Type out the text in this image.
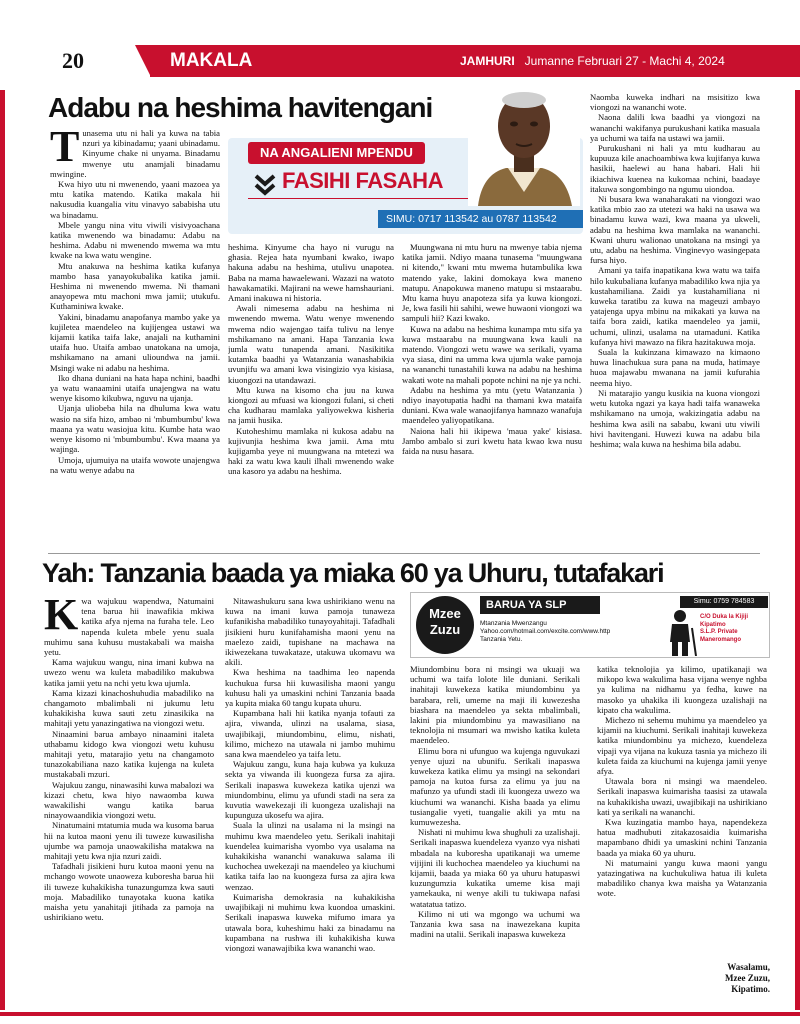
20	MAKALA	JAMHURI Jumanne Februari 27 - Machi 4, 2024
Adabu na heshima havitengani
T unasema utu ni hali ya kuwa na tabia nzuri ya kibinadamu; yaani ubinadamu. Kinyume chake ni unyama. Binadamu mwenye utu anamjali binadamu mwingine.

Kwa hiyo utu ni mwenendo, yaani mazoea ya mtu katika matendo. Katika makala hii nakusudia kuangalia vitu vinavyo sababisha utu wa binadamu.

Mbele yangu nina vitu viwili visivyoachana katika mwenendo wa binadamu: Adabu na heshima. Adabu ni mwenendo mwema wa mtu kwake na kwa watu wengine.

Mtu anakuwa na heshima katika kufanya mambo hasa yanayokubalika katika jamii. Heshima ni mwenendo mwema. Ni thamani anayopewa mtu machoni mwa jamii; utukufu. Kuthaminiwa kwake.

Yakini, binadamu anapofanya mambo yake ya kujiletea maendeleo na kujijengea ustawi wa kijamii katika taifa lake, anajali na kuthamini utaifa huo. Utaifa ambao unatokana na umoja, mshikamano na amani ulioundwa na jamii. Msingi wake ni adabu na heshima.

Iko dhana duniani na hata hapa nchini, baadhi ya watu wanaamini utaifa unajengwa na watu wenye kisomo kikubwa, nguvu na ujanja.

Ujanja uliobeba hila na dhuluma kwa watu wasio na sifa hizo, ambao ni 'mbumbumbu' kwa maana ya watu wasiojua kitu. Kumbe hata wao wenye kisomo ni 'mbumbumbu'. Kwa maana ya wajinga.

Umoja, ujumuiya na utaifa wowote unajengwa na watu wenye adabu na

NA ANGALIENI MPENDU
FASIHI FASAHA
SIMU: 0717 113542 au 0787 113542

heshima. Kinyume cha hayo ni vurugu na ghasia. Rejea hata nyumbani kwako, iwapo hakuna adabu na heshima, utulivu unapotea. Baba na mama hawaelewani. Wazazi na watoto hawakamatiki. Majirani na wewe hamshauriani. Amani inakuwa ni historia.

Awali nimesema adabu na heshima ni mwenendo mwema. Watu wenye mwenendo mwema ndio wajengao taifa tulivu na lenye mshikamano na amani. Hapa Tanzania kwa jumla watu tunapenda amani. Nasikitika kutamka baadhi ya Watanzania wanashabikia uvunjifu wa amani kwa visingizio vya kisiasa, kiuongozi na utandawazi.

Mtu kuwa na kisomo cha juu na kuwa kiongozi au mfuasi wa kiongozi fulani, si cheti cha kudharau mamlaka yaliyowekwa kisheria na jamii husika.

Kutoheshimu mamlaka ni kukosa adabu na kujivunjia heshima kwa jamii. Ama mtu kujigamba yeye ni muungwana na mtetezi wa haki za watu kwa kauli ilhali mwenendo wake una kasoro ya adabu na heshima.

Muungwana ni mtu huru na mwenye tabia njema katika jamii. Ndiyo maana tunasema "muungwana ni kitendo," kwani mtu mwema hutambulika kwa matendo yake, lakini domokaya kwa maneno matupu. Anapokuwa maneno matupu si mstaarabu. Mtu kama huyu anapoteza sifa ya kuwa kiongozi. Je, kwa fasili hii sahihi, wewe huwaoni viongozi wa sampuli hii? Kazi kwako.

Kuwa na adabu na heshima kunampa mtu sifa ya kuwa mstaarabu na muungwana kwa kauli na matendo. Viongozi wetu wawe wa serikali, vyama vya siasa, dini na umma kwa ujumla wake pamoja na wananchi tunastahili kuwa na adabu na heshima wakati wote na mahali popote nchini na nje ya nchi.

Adabu na heshima ya mtu (yetu Watanzania ) ndiyo inayotupatia hadhi na thamani kwa mataifa duniani. Kwa wale wanaojifanya hamnazo wanafuja maendeleo yaliyopatikana.

Naiona hali hii ikipewa 'maua yake' kisiasa. Jambo ambalo si zuri kwetu hata kwao kwa nusu faida na nusu hasara.

Naomba kuweka indhari na msisitizo kwa viongozi na wananchi wote.

Naona dalili kwa baadhi ya viongozi na wananchi wakifanya purukushani katika masuala ya uchumi wa taifa na ustawi wa jamii.

Purukushani ni hali ya mtu kudharau au kupuuza kile anachoambiwa kwa kujifanya kuwa hasikii, haelewi au hana habari. Hali hii ikiachiwa kuenea na kukomaa nchini, baadaye itakuwa songombingo na ngumu uiondoa.

Ni busara kwa wanaharakati na viongozi wao katika mbio zao za utetezi wa haki na usawa wa binadamu kuwa wazi, kwa maana ya ukweli, adabu na heshima kwa mamlaka na wananchi. Kwani uhuru walionao unatokana na msingi ya utu, adabu na heshima. Vinginevyo wasingepata fursa hiyo.

Amani ya taifa inapatikana kwa watu wa taifa hilo kukubaliana kufanya mabadiliko kwa njia ya kustahamiliana. Zaidi ya kustahamiliana ni kuweka taratibu za kuwa na mageuzi ambayo yatajenga upya mbinu na mikakati ya kuwa na taifa bora zaidi, katika maendeleo ya jamii, uchumi, ulinzi, usalama na utamaduni. Katika kufanya hivi mawazo na fikra hazitakuwa moja.

Suala la kukinzana kimawazo na kimaono huwa linachukua sura pana na muda, hatimaye huoa majawabu mwanana na jamii kufurahia neema hiyo.

Ni matarajio yangu kusikia na kuona viongozi wetu kutoka ngazi ya kaya hadi taifa wanaweka mshikamano na umoja, wakizingatia adabu na heshima kwa asili na sababu, kwani utu viwili hivi havitengani. Huwezi kuwa na adabu bila heshima; wala kuwa na heshima bila adabu.

Yah: Tanzania baada ya miaka 60 ya Uhuru, tutafakari
K wa wajukuu wapendwa, Natumaini tena barua hii inawafikia mkiwa katika afya njema na furaha tele. Leo napenda kuleta mbele yenu suala muhimu sana kuhusu mustakabali wa maisha yetu.

Kama wajukuu wangu, nina imani kubwa na uwezo wenu wa kuleta mabadiliko makubwa katika jamii yetu na nchi yetu kwa ujumla.

Kama kizazi kinachoshuhudia mabadiliko na changamoto mbalimbali ni jukumu letu kuhakikisha kuwa sauti zetu zinasikika na mahitaji yetu yanazingatiwa na viongozi wetu.

Ninaamini barua ambayo ninaamini italeta uthabamu kidogo kwa viongozi wetu kuhusu mahitaji yetu, matarajio yetu na changamoto tunazokabiliana nazo katika kujenga na kuleta mustakabali mzuri.

Wajukuu zangu, ninawasihi kuwa mabalozi wa kizazi chetu, kwa hiyo nawaomba kuwa wawakilishi wangu katika barua ninayowaandikia viongozi wetu.

Ninatumaini mtatumia muda wa kusoma barua hii na kutoa maoni yenu ili tuweze kuwasilisha ujumbe wa pamoja unaowakilisha matakwa na mahitaji yetu kwa njia nzuri zaidi.

Tafadhali jisikieni huru kutoa maoni yenu na mchango wowote unaoweza kuboresha barua hii ili tuweze kuhakikisha tunazungumza kwa sauti moja. Mabadiliko tunayotaka kuona katika maisha yetu yanahitaji jitihada za pamoja na ushirikiano wetu.

Nitawashukuru sana kwa ushirikiano wenu na kuwa na imani kuwa pamoja tunaweza kufanikisha mabadiliko tunayoyahitaji. Tafadhali jisikieni huru kunifahamisha maoni yenu na maelezo zaidi, tupishane na machawa na ikiwezekana tuwakataze, utakuwa ukomavu wa akili.

Kwa heshima na taadhima leo napenda kuchukua fursa hii kuwasilisha maoni yangu kuhusu hali ya umaskini nchini Tanzania baada ya kupita miaka 60 tangu kupata uhuru.

Kupambana hali hii katika nyanja tofauti za ajira, viwanda, ulinzi na usalama, siasa, uwajibikaji, miundombinu, elimu, nishati, kilimo, michezo na utawala ni jambo muhimu sana kwa maendeleo ya taifa letu.

Wajukuu zangu, kuna haja kubwa ya kukuza sekta ya viwanda ili kuongeza fursa za ajira. Serikali inapaswa kuwekeza katika ujenzi wa miundombinu, elimu ya ufundi stadi na sera za kuvutia wawekezaji ili kuongeza uzalishaji na kupunguza ukosefu wa ajira.

Suala la ulinzi na usalama ni la msingi na muhimu kwa maendeleo yetu. Serikali inahitaji kuendelea kuimarisha vyombo vya usalama na kuhakikisha wananchi wanakuwa salama ili kuchochea uwekezaji na maendeleo ya kiuchumi katika taifa lao na kuongeza fursa za ajira kwa wenzao.

Kuimarisha demokrasia na kuhakikisha uwajibikaji ni muhimu kwa kuondoa umaskini. Serikali inapaswa kuweka mifumo imara ya utawala bora, kuheshimu haki za binadamu na kupambana na rushwa ili kuhakikisha kuwa viongozi wanawajibika kwa wananchi wao.

Mzee
Zuzu
BARUA YA SLP
Mtanzania Mwenzangu
Yahoo.com/hotmail.com/excite.com/www.http
Tanzania Yetu.
Simu: 0759 784583
C/O Duka la Kijiji Kipatimo
S.L.P. Private
Maneromango

Miundombinu bora ni msingi wa ukuaji wa uchumi wa taifa lolote lile duniani. Serikali inahitaji kuwekeza katika miundombinu ya barabara, reli, umeme na maji ili kuwezesha biashara na maendeleo ya sekta mbalimbali, lakini pia miundombinu ya mawasiliano na teknolojia ni msumari wa mwisho katika kuleta maendeleo.

Elimu bora ni ufunguo wa kujenga nguvukazi yenye ujuzi na ubunifu. Serikali inapaswa kuwekeza katika elimu ya msingi na sekondari pamoja na kutoa fursa za elimu ya juu na mafunzo ya ufundi stadi ili kuongeza uwezo wa kiuchumi wa wananchi. Kisha baada ya elimu tusiangalie vyeti, tuangalie akili ya mtu na kumuwezesha.

Nishati ni muhimu kwa shughuli za uzalishaji. Serikali inapaswa kuendeleza vyanzo vya nishati mbadala na kuboresha upatikanaji wa umeme vijijini ili kuchochea maendeleo ya kiuchumi na kijamii, baada ya miaka 60 ya uhuru hatupaswi kuzungumzia kukatika umeme kisa maji yamekauka, ni wenye akili tu tukiwapa nafasi watatatua tatizo.

Kilimo ni uti wa mgongo wa uchumi wa Tanzania kwa sasa na inawezekana kupita madini na utalii. Serikali inapaswa kuwekeza

katika teknolojia ya kilimo, upatikanaji wa mikopo kwa wakulima hasa vijana wenye nghba ya kulima na nidhamu ya fedha, kuwe na masoko ya uhakika ili kuongeza uzalishaji na kipato cha wakulima.

Michezo ni sehemu muhimu ya maendeleo ya kijamii na kiuchumi. Serikali inahitaji kuwekeza katika miundombinu ya michezo, kuendeleza vipaji vya vijana na kukuza tasnia ya michezo ili kuleta faida za kiuchumi na kujenga jamii yenye afya.

Utawala bora ni msingi wa maendeleo. Serikali inapaswa kuimarisha taasisi za utawala na kuhakikisha uwazi, uwajibikaji na ushirikiano kati ya serikali na wananchi.

Kwa kuzingatia mambo haya, napendekeza hatua madhubuti zitakazosaidia kuimarisha mapambano dhidi ya umaskini nchini Tanzania baada ya miaka 60 ya uhuru.

Ni matumaini yangu kuwa maoni yangu yatazingatiwa na kuchukuliwa hatua ili kuleta mabadiliko chanya kwa maisha ya Watanzania wote.

Wasalamu,
Mzee Zuzu,
Kipatimo.
